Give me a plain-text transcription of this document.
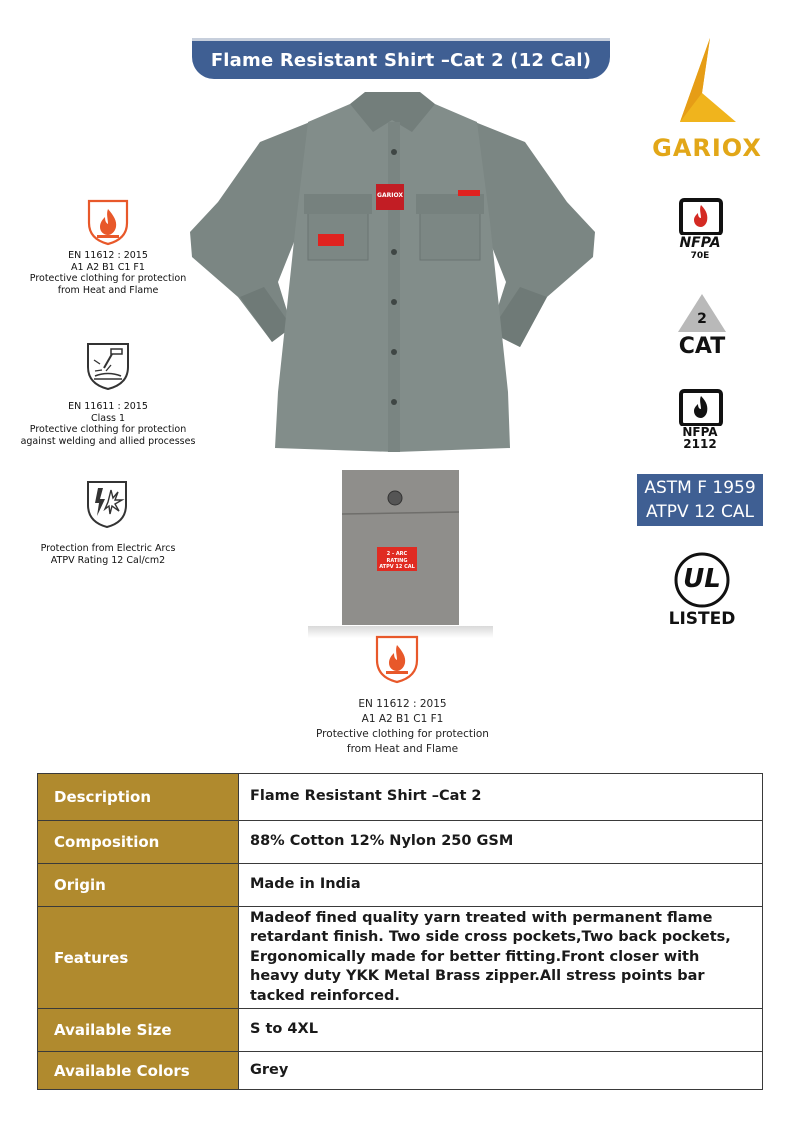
Flame Resistant Shirt –Cat 2 (12 Cal)
EN 11612 : 2015
A1 A2 B1 C1 F1
Protective clothing for protection
from Heat and Flame
EN 11611 : 2015
Class 1
Protective clothing for protection
against welding and allied processes
Protection from Electric Arcs
ATPV Rating 12 Cal/cm2
GARIOX
2 - ARC RATING
ATPV 12 CAL
EN 11612 : 2015
A1 A2 B1 C1 F1
Protective clothing for protection
from Heat and Flame
GARIOX
NFPA
70E
2
CAT
NFPA
2112
ASTM F 1959
ATPV 12 CAL
UL
LISTED
Description	Flame Resistant Shirt –Cat 2
Composition	88% Cotton 12% Nylon 250 GSM
Origin	Made in India
Features	Madeof fined quality yarn treated with permanent flame retardant finish. Two side cross pockets,Two back pockets, Ergonomically made for better fitting.Front closer with heavy duty YKK Metal Brass zipper.All stress points bar tacked reinforced.
Available Size	S to 4XL
Available Colors	Grey
